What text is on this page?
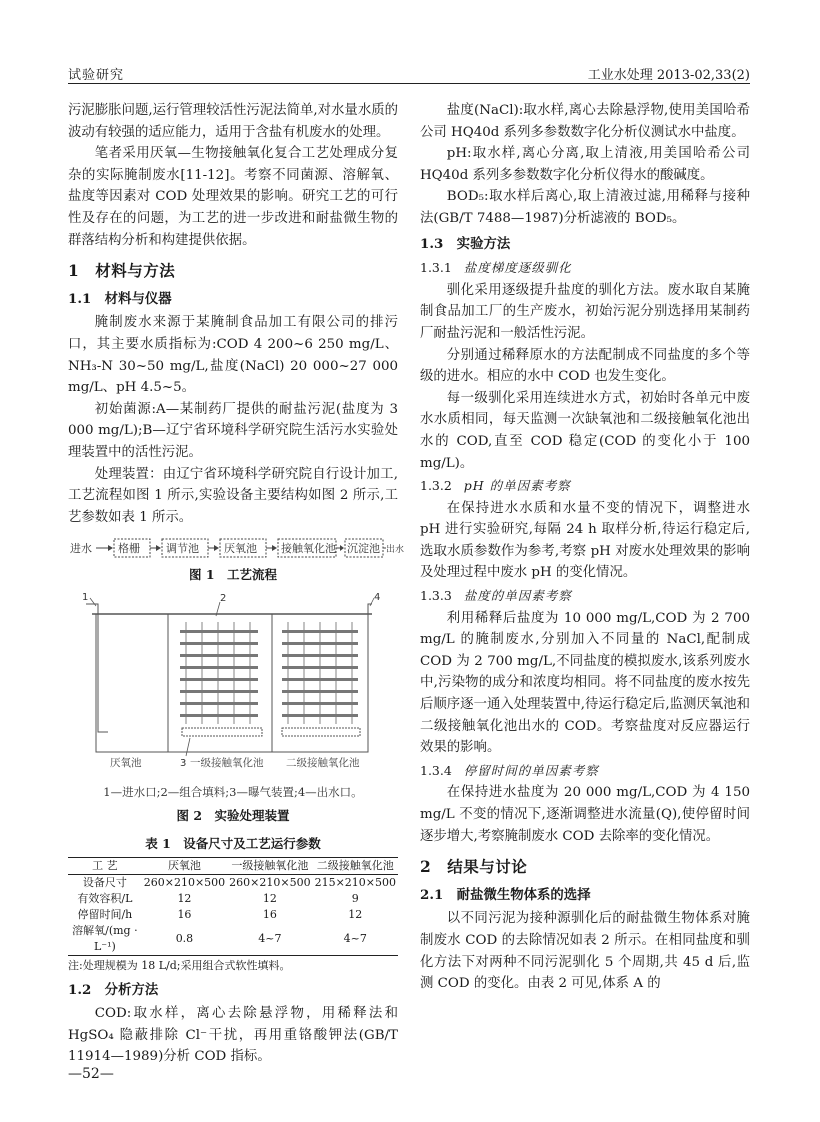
试验研究	工业水处理 2013-02,33(2)

污泥膨胀问题,运行管理较活性污泥法简单,对水量水质的波动有较强的适应能力，适用于含盐有机废水的处理。

笔者采用厌氧—生物接触氧化复合工艺处理成分复杂的实际腌制废水[11-12]。考察不同菌源、溶解氧、盐度等因素对 COD 处理效果的影响。研究工艺的可行性及存在的问题，为工艺的进一步改进和耐盐微生物的群落结构分析和构建提供依据。

1　材料与方法
1.1　材料与仪器

腌制废水来源于某腌制食品加工有限公司的排污口，其主要水质指标为:COD 4 200~6 250 mg/L、NH₃-N 30~50 mg/L,盐度(NaCl) 20 000~27 000 mg/L、pH 4.5~5。

初始菌源:A—某制药厂提供的耐盐污泥(盐度为 3 000 mg/L);B—辽宁省环境科学研究院生活污水实验处理装置中的活性污泥。

处理装置：由辽宁省环境科学研究院自行设计加工,工艺流程如图 1 所示,实验设备主要结构如图 2 所示,工艺参数如表 1 所示。

进水 格栅 调节池 厌氧池 接触氧化池 沉淀池 出水
图 1　工艺流程
1	2
3
4
厌氧池	一级接触氧化池 二级接触氧化池
1—进水口;2—组合填料;3—曝气装置;4—出水口。
图 2　实验处理装置
表 1　设备尺寸及工艺运行参数
工 艺	厌氧池	一级接触氧化池	二级接触氧化池
设备尺寸	260×210×500	260×210×500	215×210×500
有效容积/L	12	12	9
停留时间/h	16	16	12
溶解氧/(mg · L⁻¹)	0.8	4~7	4~7
注:处理规模为 18 L/d;采用组合式软性填料。
1.2　分析方法

COD:取水样，离心去除悬浮物，用稀释法和 HgSO₄ 隐蔽排除 Cl⁻干扰，再用重铬酸钾法(GB/T 11914—1989)分析 COD 指标。

盐度(NaCl):取水样,离心去除悬浮物,使用美国哈希公司 HQ40d 系列多参数数字化分析仪测试水中盐度。

pH:取水样,离心分离,取上清液,用美国哈希公司 HQ40d 系列多参数数字化分析仪得水的酸碱度。

BOD₅:取水样后离心,取上清液过滤,用稀释与接种法(GB/T 7488—1987)分析滤液的 BOD₅。

1.3　实验方法
1.3.1 盐度梯度逐级驯化

驯化采用逐级提升盐度的驯化方法。废水取自某腌制食品加工厂的生产废水，初始污泥分别选择用某制药厂耐盐污泥和一般活性污泥。

分别通过稀释原水的方法配制成不同盐度的多个等级的进水。相应的水中 COD 也发生变化。

每一级驯化采用连续进水方式，初始时各单元中废水水质相同，每天监测一次缺氧池和二级接触氧化池出水的 COD,直至 COD 稳定(COD 的变化小于 100 mg/L)。

1.3.2 pH 的单因素考察

在保持进水水质和水量不变的情况下，调整进水 pH 进行实验研究,每隔 24 h 取样分析,待运行稳定后,选取水质参数作为参考,考察 pH 对废水处理效果的影响及处理过程中废水 pH 的变化情况。

1.3.3 盐度的单因素考察

利用稀释后盐度为 10 000 mg/L,COD 为 2 700 mg/L 的腌制废水,分别加入不同量的 NaCl,配制成 COD 为 2 700 mg/L,不同盐度的模拟废水,该系列废水中,污染物的成分和浓度均相同。将不同盐度的废水按先后顺序逐一通入处理装置中,待运行稳定后,监测厌氧池和二级接触氧化池出水的 COD。考察盐度对反应器运行效果的影响。

1.3.4 停留时间的单因素考察

在保持进水盐度为 20 000 mg/L,COD 为 4 150 mg/L 不变的情况下,逐渐调整进水流量(Q),使停留时间逐步增大,考察腌制废水 COD 去除率的变化情况。

2　结果与讨论
2.1　耐盐微生物体系的选择

以不同污泥为接种源驯化后的耐盐微生物体系对腌制废水 COD 的去除情况如表 2 所示。在相同盐度和驯化方法下对两种不同污泥驯化 5 个周期,共 45 d 后,监测 COD 的变化。由表 2 可见,体系 A 的

—52—
